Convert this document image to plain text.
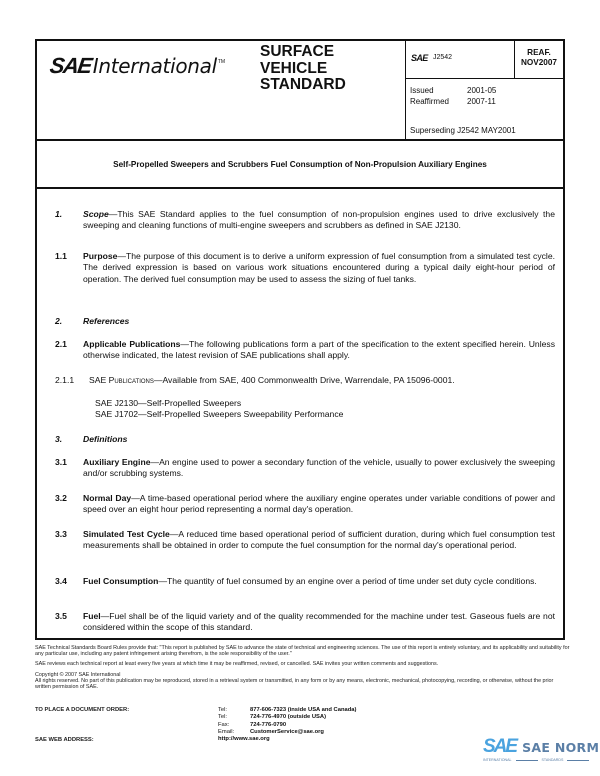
SAE International TM
SURFACE
VEHICLE
STANDARD
SAE J2542
REAF.
NOV2007
Issued	2001-05
Reaffirmed	2007-11
Superseding J2542 MAY2001
Self-Propelled Sweepers and Scrubbers Fuel Consumption of Non-Propulsion Auxiliary Engines
1. Scope—This SAE Standard applies to the fuel consumption of non-propulsion engines used to drive exclusively the sweeping and cleaning functions of multi-engine sweepers and scrubbers as defined in SAE J2130.
1.1 Purpose—The purpose of this document is to derive a uniform expression of fuel consumption from a simulated test cycle. The derived expression is based on various work situations encountered during a typical daily eight-hour period of operation. The derived fuel consumption may be used to assess the sizing of fuel tanks.
2. References
2.1 Applicable Publications—The following publications form a part of the specification to the extent specified herein. Unless otherwise indicated, the latest revision of SAE publications shall apply.
2.1.1 SAE Publications—Available from SAE, 400 Commonwealth Drive, Warrendale, PA 15096-0001.
SAE J2130—Self-Propelled Sweepers
SAE J1702—Self-Propelled Sweepers Sweepability Performance
3. Definitions
3.1 Auxiliary Engine—An engine used to power a secondary function of the vehicle, usually to power exclusively the sweeping and/or scrubbing systems.
3.2 Normal Day—A time-based operational period where the auxiliary engine operates under variable conditions of power and speed over an eight hour period representing a normal day's operation.
3.3 Simulated Test Cycle—A reduced time based operational period of sufficient duration, during which fuel consumption test measurements shall be obtained in order to compute the fuel consumption for the normal day's operational period.
3.4 Fuel Consumption—The quantity of fuel consumed by an engine over a period of time under set duty cycle conditions.
3.5 Fuel—Fuel shall be of the liquid variety and of the quality recommended for the machine under test. Gaseous fuels are not considered within the scope of this standard.
SAE Technical Standards Board Rules provide that: "This report is published by SAE to advance the state of technical and engineering sciences. The use of this report is entirely voluntary, and its applicability and suitability for any particular use, including any patent infringement arising therefrom, is the sole responsibility of the user."
SAE reviews each technical report at least every five years at which time it may be reaffirmed, revised, or cancelled. SAE invites your written comments and suggestions.
Copyright © 2007 SAE International
All rights reserved. No part of this publication may be reproduced, stored in a retrieval system or transmitted, in any form or by any means, electronic, mechanical, photocopying, recording, or otherwise, without the prior written permission of SAE.
TO PLACE A DOCUMENT ORDER:
SAE WEB ADDRESS:
Tel:	877-606-7323 (inside USA and Canada)
Tel:	724-776-4970 (outside USA)
Fax:	724-776-0790
Email:	CustomerService@sae.org
http://www.sae.org	SAE SAE NORM
INTERNATIONAL	STANDARDS
